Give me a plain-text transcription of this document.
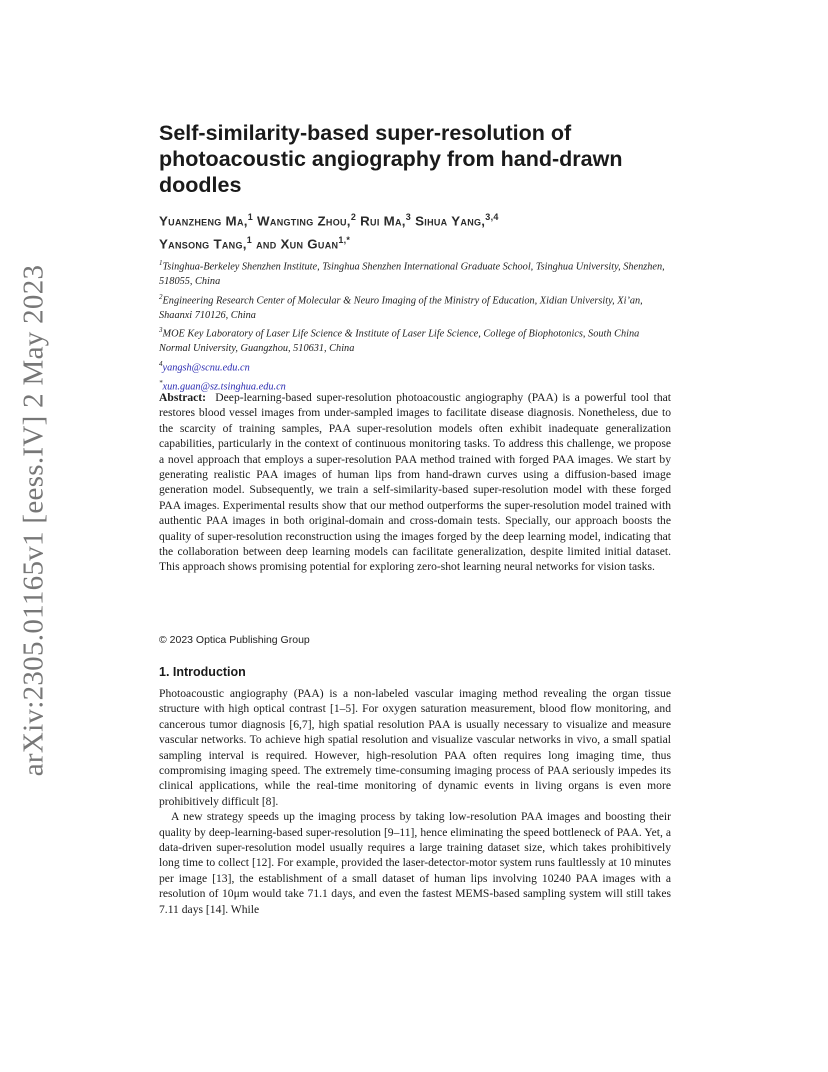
arXiv:2305.01165v1 [eess.IV] 2 May 2023
Self-similarity-based super-resolution of photoacoustic angiography from hand-drawn doodles
Yuanzheng Ma,$^1$ Wangting Zhou,$^2$ Rui Ma,$^3$ Sihua Yang,$^{3,4}$
Yansong Tang,$^1$ and Xun Guan$^{1,*}$
$^1$Tsinghua-Berkeley Shenzhen Institute, Tsinghua Shenzhen International Graduate School, Tsinghua University, Shenzhen, 518055, China
$^2$Engineering Research Center of Molecular & Neuro Imaging of the Ministry of Education, Xidian University, Xi’an, Shaanxi 710126, China
$^3$MOE Key Laboratory of Laser Life Science & Institute of Laser Life Science, College of Biophotonics, South China Normal University, Guangzhou, 510631, China
$^4$yangsh@scnu.edu.cn
*xun.guan@sz.tsinghua.edu.cn
Abstract: Deep-learning-based super-resolution photoacoustic angiography (PAA) is a powerful tool that restores blood vessel images from under-sampled images to facilitate disease diagnosis. Nonetheless, due to the scarcity of training samples, PAA super-resolution models often exhibit inadequate generalization capabilities, particularly in the context of continuous monitoring tasks. To address this challenge, we propose a novel approach that employs a super-resolution PAA method trained with forged PAA images. We start by generating realistic PAA images of human lips from hand-drawn curves using a diffusion-based image generation model. Subsequently, we train a self-similarity-based super-resolution model with these forged PAA images. Experimental results show that our method outperforms the super-resolution model trained with authentic PAA images in both original-domain and cross-domain tests. Specially, our approach boosts the quality of super-resolution reconstruction using the images forged by the deep learning model, indicating that the collaboration between deep learning models can facilitate generalization, despite limited initial dataset. This approach shows promising potential for exploring zero-shot learning neural networks for vision tasks.
© 2023 Optica Publishing Group
1. Introduction

Photoacoustic angiography (PAA) is a non-labeled vascular imaging method revealing the organ tissue structure with high optical contrast [1–5]. For oxygen saturation measurement, blood flow monitoring, and cancerous tumor diagnosis [6,7], high spatial resolution PAA is usually necessary to visualize and measure vascular networks. To achieve high spatial resolution and visualize vascular networks in vivo, a small spatial sampling interval is required. However, high-resolution PAA often requires long imaging time, thus compromising imaging speed. The extremely time-consuming imaging process of PAA seriously impedes its clinical applications, while the real-time monitoring of dynamic events in living organs is even more prohibitively difficult [8].

A new strategy speeds up the imaging process by taking low-resolution PAA images and boosting their quality by deep-learning-based super-resolution [9–11], hence eliminating the speed bottleneck of PAA. Yet, a data-driven super-resolution model usually requires a large training dataset size, which takes prohibitively long time to collect [12]. For example, provided the laser-detector-motor system runs faultlessly at 10 minutes per image [13], the establishment of a small dataset of human lips involving 10240 PAA images with a resolution of 10μm would take 71.1 days, and even the fastest MEMS-based sampling system will still takes 7.11 days [14]. While
